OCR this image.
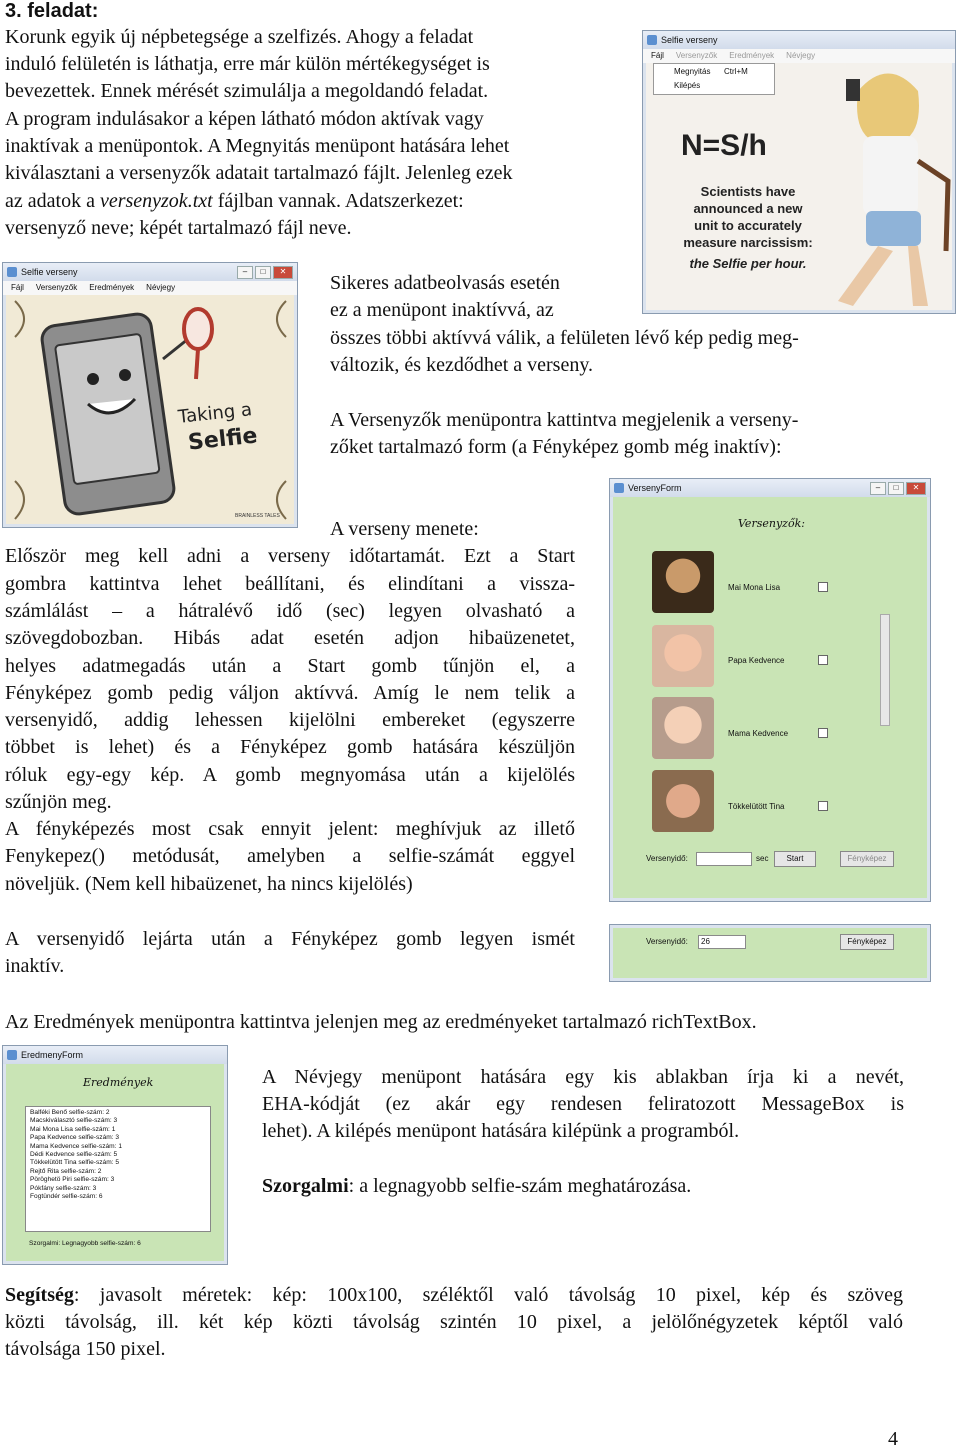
3. feladat:

Korunk egyik új népbetegsége a szelfizés. Ahogy a feladat

induló felületén is láthatja, erre már külön mértékegységet is

bevezettek. Ennek mérését szimulálja a megoldandó feladat.

A program indulásakor a képen látható módon aktívak vagy

inaktívak a menüpontok. A Megnyitás menüpont hatására lehet

kiválasztani a versenyzők adatait tartalmazó fájlt. Jelenleg ezek

az adatok a versenyzok.txt fájlban vannak. Adatszerkezet:

versenyző neve; képét tartalmazó fájl neve.

Selfie verseny
Fájl Versenyzők Eredmények Névjegy
Megnyitás Ctrl+M
Kilépés
N=S/h
Scientists have
announced a new
unit to accurately
measure narcissism:
the Selfie per hour.
Selfie verseny	–	□	✕
Fájl Versenyzők Eredmények Névjegy
Taking a
Selfie
BRAINLESS TALES

Sikeres adatbeolvasás esetén

ez a menüpont inaktívvá, az

összes többi aktívvá válik, a felületen lévő kép pedig meg-

változik, és kezdődhet a verseny.

A Versenyzők menüpontra kattintva megjelenik a verseny-

zőket tartalmazó form (a Fényképez gomb még inaktív):

VersenyForm	–	□	✕
Versenyzők:
Mai Mona Lisa
Papa Kedvence
Mama Kedvence
Tökkelütött Tina
Versenyidő:	sec	Start	Fényképez

A verseny menete:

Először meg kell adni a verseny időtartamát. Ezt a Start

gombra kattintva lehet beállítani, és elindítani a vissza-

számlálást – a hátralévő idő (sec) legyen olvasható a

szövegdobozban. Hibás adat esetén adjon hibaüzenetet,

helyes adatmegadás után a Start gomb tűnjön el, a

Fényképez gomb pedig váljon aktívvá. Amíg le nem telik a

versenyidő, addig lehessen kijelölni embereket (egyszerre

többet is lehet) és a Fényképez gomb hatására készüljön

róluk egy-egy kép. A gomb megnyomása után a kijelölés

szűnjön meg.

A fényképezés most csak ennyit jelent: meghívjuk az illető

Fenykepez() metódusát, amelyben a selfie-számát eggyel

növeljük. (Nem kell hibaüzenet, ha nincs kijelölés)

Versenyidő:	26	Fényképez

A versenyidő lejárta után a Fényképez gomb legyen ismét

inaktív.

Az Eredmények menüpontra kattintva jelenjen meg az eredményeket tartalmazó richTextBox.

EredmenyForm
Eredmények
Balféki Benő selfie-szám: 2
Macskiválasztó selfie-szám: 3
Mai Mona Lisa selfie-szám: 1
Papa Kedvence selfie-szám: 3
Mama Kedvence selfie-szám: 1
Dédi Kedvence selfie-szám: 5
Tökkelütött Tina selfie-szám: 5
Rejtő Rita selfie-szám: 2
Pöröghetö Piri selfie-szám: 3
Pókfány selfie-szám: 3
Fogtündér selfie-szám: 6
Szorgalmi: Legnagyobb selfie-szám: 6

A Névjegy menüpont hatására egy kis ablakban írja ki a nevét,

EHA-kódját (ez akár egy rendesen feliratozott MessageBox is

lehet). A kilépés menüpont hatására kilépünk a programból.

Szorgalmi: a legnagyobb selfie-szám meghatározása.

Segítség: javasolt méretek: kép: 100x100, széléktől való távolság 10 pixel, kép és szöveg

közti távolság, ill. két kép közti távolság szintén 10 pixel, a jelölőnégyzetek képtől való

távolsága 150 pixel.

4
